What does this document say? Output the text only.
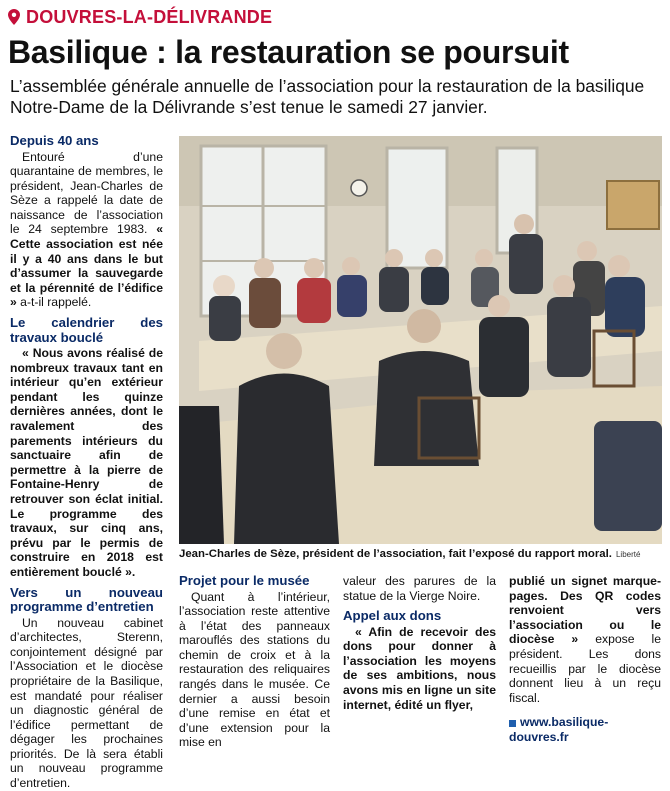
DOUVRES-LA-DÉLIVRANDE
Basilique : la restauration se poursuit
L’assemblée générale annuelle de l’association pour la restauration de la basilique Notre-Dame de la Délivrande s’est tenue le samedi 27 janvier.
Depuis 40 ans

Entouré d’une quarantaine de membres, le président, Jean-Charles de Sèze a rappelé la date de naissance de l’association le 24 septembre 1983. « Cette association est née il y a 40 ans dans le but d’assumer la sauvegarde et la pérennité de l’édifice » a-t-il rappelé.

Le calendrier des travaux bouclé

« Nous avons réalisé de nombreux travaux tant en intérieur qu’en extérieur pendant les quinze dernières années, dont le ravalement des parements intérieurs du sanctuaire afin de permettre à la pierre de Fontaine-Henry de retrouver son éclat initial. Le programme des travaux, sur cinq ans, prévu par le permis de construire en 2018 est entièrement bouclé ».

Vers un nouveau programme d’entretien

Un nouveau cabinet d’architectes, Sterenn, conjointement désigné par l’Association et le diocèse propriétaire de la Basilique, est mandaté pour réaliser un diagnostic général de l’édifice permettant de dégager les prochaines priorités. De là sera établi un nouveau programme d’entretien.

Jean-Charles de Sèze, président de l’association, fait l’exposé du rapport moral. Liberté
Projet pour le musée

Quant à l’intérieur, l’association reste attentive à l’état des panneaux marouflés des stations du chemin de croix et à la restauration des reliquaires rangés dans le musée. Ce dernier a aussi besoin d’une remise en état et d’une extension pour la mise en

valeur des parures de la statue de la Vierge Noire.

Appel aux dons

« Afin de recevoir des dons pour donner à l’association les moyens de ses ambitions, nous avons mis en ligne un site internet, édité un flyer,

publié un signet marque-pages. Des QR codes renvoient vers l’association ou le diocèse » expose le président. Les dons recueillis par le diocèse donnent lieu à un reçu fiscal.

www.basilique-douvres.fr
